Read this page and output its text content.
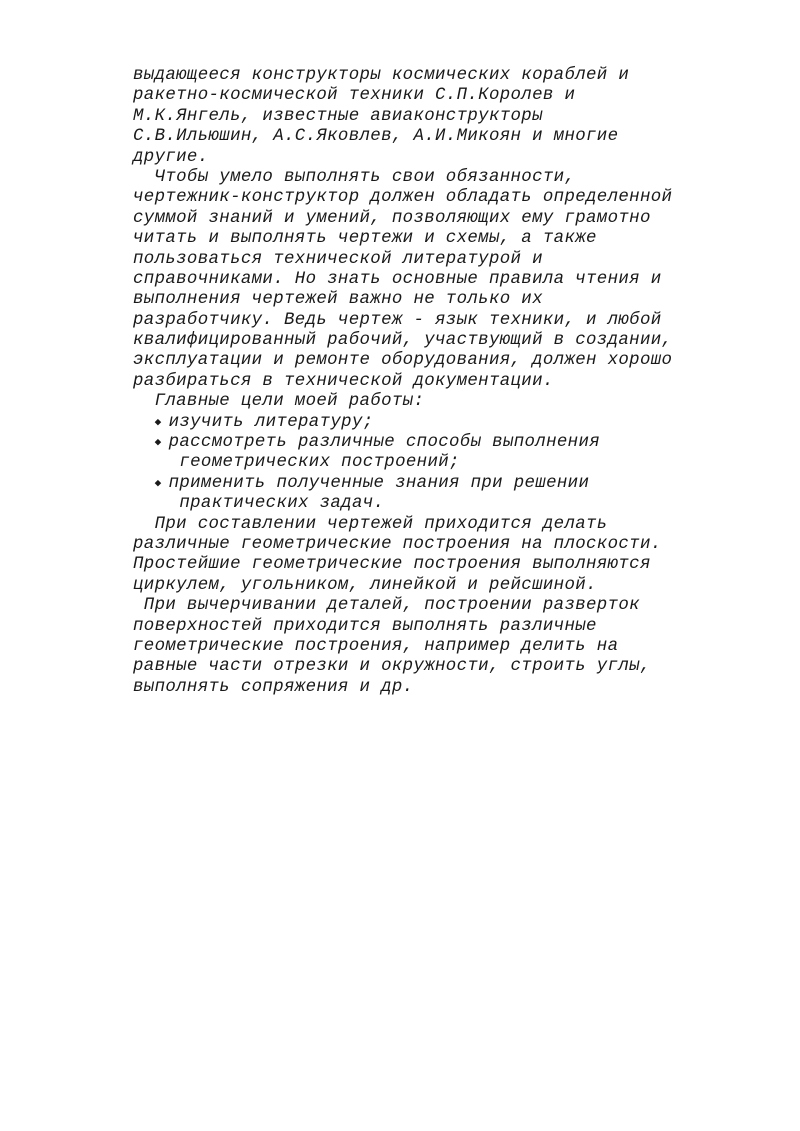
выдающееся конструкторы космических кораблей и
ракетно-космической техники С.П.Королев и
М.К.Янгель, известные авиаконструкторы
С.В.Ильюшин, А.С.Яковлев, А.И.Микоян и многие
другие.
Чтобы умело выполнять свои обязанности,
чертежник-конструктор должен обладать определенной
суммой знаний и умений, позволяющих ему грамотно
читать и выполнять чертежи и схемы, а также
пользоваться технической литературой и
справочниками. Но знать основные правила чтения и
выполнения чертежей важно не только их
разработчику. Ведь чертеж - язык техники, и любой
квалифицированный рабочий, участвующий в создании,
эксплуатации и ремонте оборудования, должен хорошо
разбираться в технической документации.
Главные цели моей работы:
◆ изучить литературу;
◆ рассмотреть различные способы выполнения
геометрических построений;
◆ применить полученные знания при решении
практических задач.
При составлении чертежей приходится делать
различные геометрические построения на плоскости.
Простейшие геометрические построения выполняются
циркулем, угольником, линейкой и рейсшиной.
При вычерчивании деталей, построении разверток
поверхностей приходится выполнять различные
геометрические построения, например делить на
равные части отрезки и окружности, строить углы,
выполнять сопряжения и др.
